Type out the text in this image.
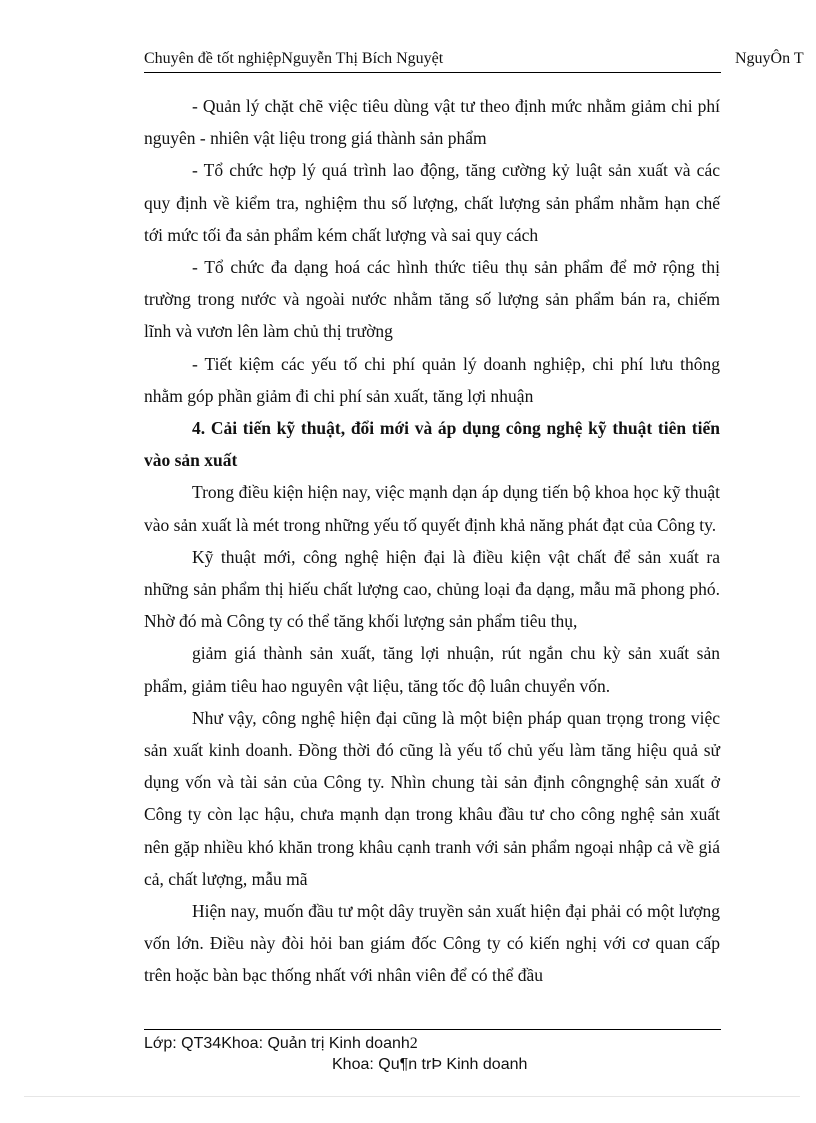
Chuyên đề tốt nghiệpNguyễn Thị Bích Nguyệt	NguyÔn T

- Quản lý chặt chẽ việc tiêu dùng vật tư theo định mức nhằm giảm chi phí nguyên - nhiên vật liệu trong giá thành sản phẩm

- Tổ chức hợp lý quá trình lao động, tăng cường kỷ luật sản xuất và các quy định về kiểm tra, nghiệm thu số lượng, chất lượng sản phẩm nhằm hạn chế tới mức tối đa sản phẩm kém chất lượng và sai quy cách

- Tổ chức đa dạng hoá các hình thức tiêu thụ sản phẩm để mở rộng thị trường trong nước và ngoài nước nhằm tăng số lượng sản phẩm bán ra, chiếm lĩnh và vươn lên làm chủ thị trường

- Tiết kiệm các yếu tố chi phí quản lý doanh nghiệp, chi phí lưu thông nhằm góp phần giảm đi chi phí sản xuất, tăng lợi nhuận

4. Cải tiến kỹ thuật, đổi mới và áp dụng công nghệ kỹ thuật tiên tiến vào sản xuất

Trong điều kiện hiện nay, việc mạnh dạn áp dụng tiến bộ khoa học kỹ thuật vào sản xuất là mét trong những yếu tố quyết định khả năng phát đạt của Công ty.

Kỹ thuật mới, công nghệ hiện đại là điều kiện vật chất để sản xuất ra những sản phẩm thị hiếu chất lượng cao, chủng loại đa dạng, mẫu mã phong phó. Nhờ đó mà Công ty có thể tăng khối lượng sản phẩm tiêu thụ,

giảm giá thành sản xuất, tăng lợi nhuận, rút ngắn chu kỳ sản xuất sản phẩm, giảm tiêu hao nguyên vật liệu, tăng tốc độ luân chuyển vốn.

Như vậy, công nghệ hiện đại cũng là một biện pháp quan trọng trong việc sản xuất kinh doanh. Đồng thời đó cũng là yếu tố chủ yếu làm tăng hiệu quả sử dụng vốn và tài sản của Công ty. Nhìn chung tài sản định côngnghệ sản xuất ở Công ty còn lạc hậu, chưa mạnh dạn trong khâu đầu tư cho công nghệ sản xuất nên gặp nhiều khó khăn trong khâu cạnh tranh với sản phẩm ngoại nhập cả về giá cả, chất lượng, mẫu mã

Hiện nay, muốn đầu tư một dây truyền sản xuất hiện đại phải có một lượng vốn lớn. Điều này đòi hỏi ban giám đốc Công ty có kiến nghị với cơ quan cấp trên hoặc bàn bạc thống nhất với nhân viên để có thể đầu

Lớp: QT34Khoa: Quản trị Kinh doanh2
Khoa: Qu¶n trÞ Kinh doanh
